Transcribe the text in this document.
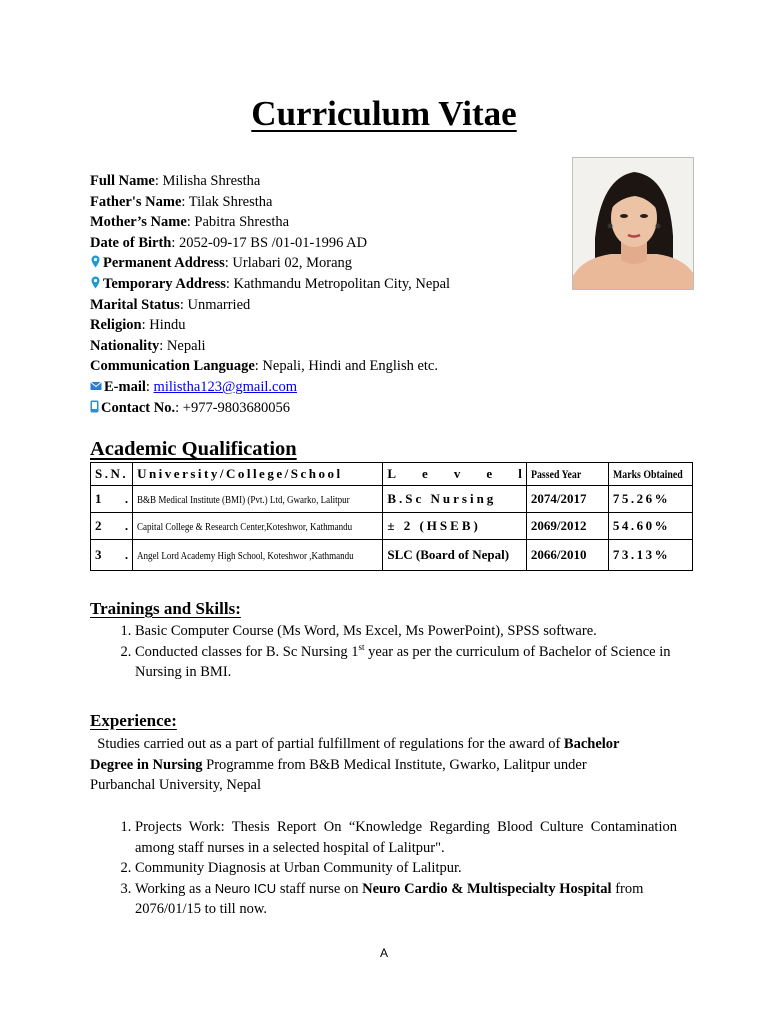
Curriculum Vitae
Full Name: Milisha Shrestha
Father's Name: Tilak Shrestha
Mother’s Name: Pabitra Shrestha
Date of Birth: 2052-09-17 BS /01-01-1996 AD
Permanent Address: Urlabari 02, Morang
Temporary Address: Kathmandu Metropolitan City, Nepal
Marital Status: Unmarried
Religion: Hindu
Nationality: Nepali
Communication Language: Nepali, Hindi and English etc.
E-mail: milistha123@gmail.com
Contact No.: +977-9803680056
Academic Qualification
S.N.	University/College/School	L e v e l	Passed Year	Marks Obtained

1 .	B&B Medical Institute (BMI) (Pvt.) Ltd, Gwarko, Lalitpur	B.Sc Nursing	2074/2017	75.26%

2 .	Capital College & Research Center,Koteshwor, Kathmandu	± 2 (HSEB)	2069/2012	54.60%

3 .	Angel Lord Academy High School, Koteshwor ,Kathmandu	SLC (Board of Nepal)	2066/2010	73.13%
Trainings and Skills:
1. Basic Computer Course (Ms Word, Ms Excel, Ms PowerPoint), SPSS software.
2. Conducted classes for B. Sc Nursing 1st year as per the curriculum of Bachelor of Science in Nursing in BMI.
Experience:
Studies carried out as a part of partial fulfillment of regulations for the award of Bachelor Degree in Nursing Programme from B&B Medical Institute, Gwarko, Lalitpur under Purbanchal University, Nepal
1. Projects Work: Thesis Report On “Knowledge Regarding Blood Culture Contamination among staff nurses in a selected hospital of Lalitpur".
2. Community Diagnosis at Urban Community of Lalitpur.
3. Working as a Neuro ICU staff nurse on Neuro Cardio & Multispecialty Hospital from 2076/01/15 to till now.
A
